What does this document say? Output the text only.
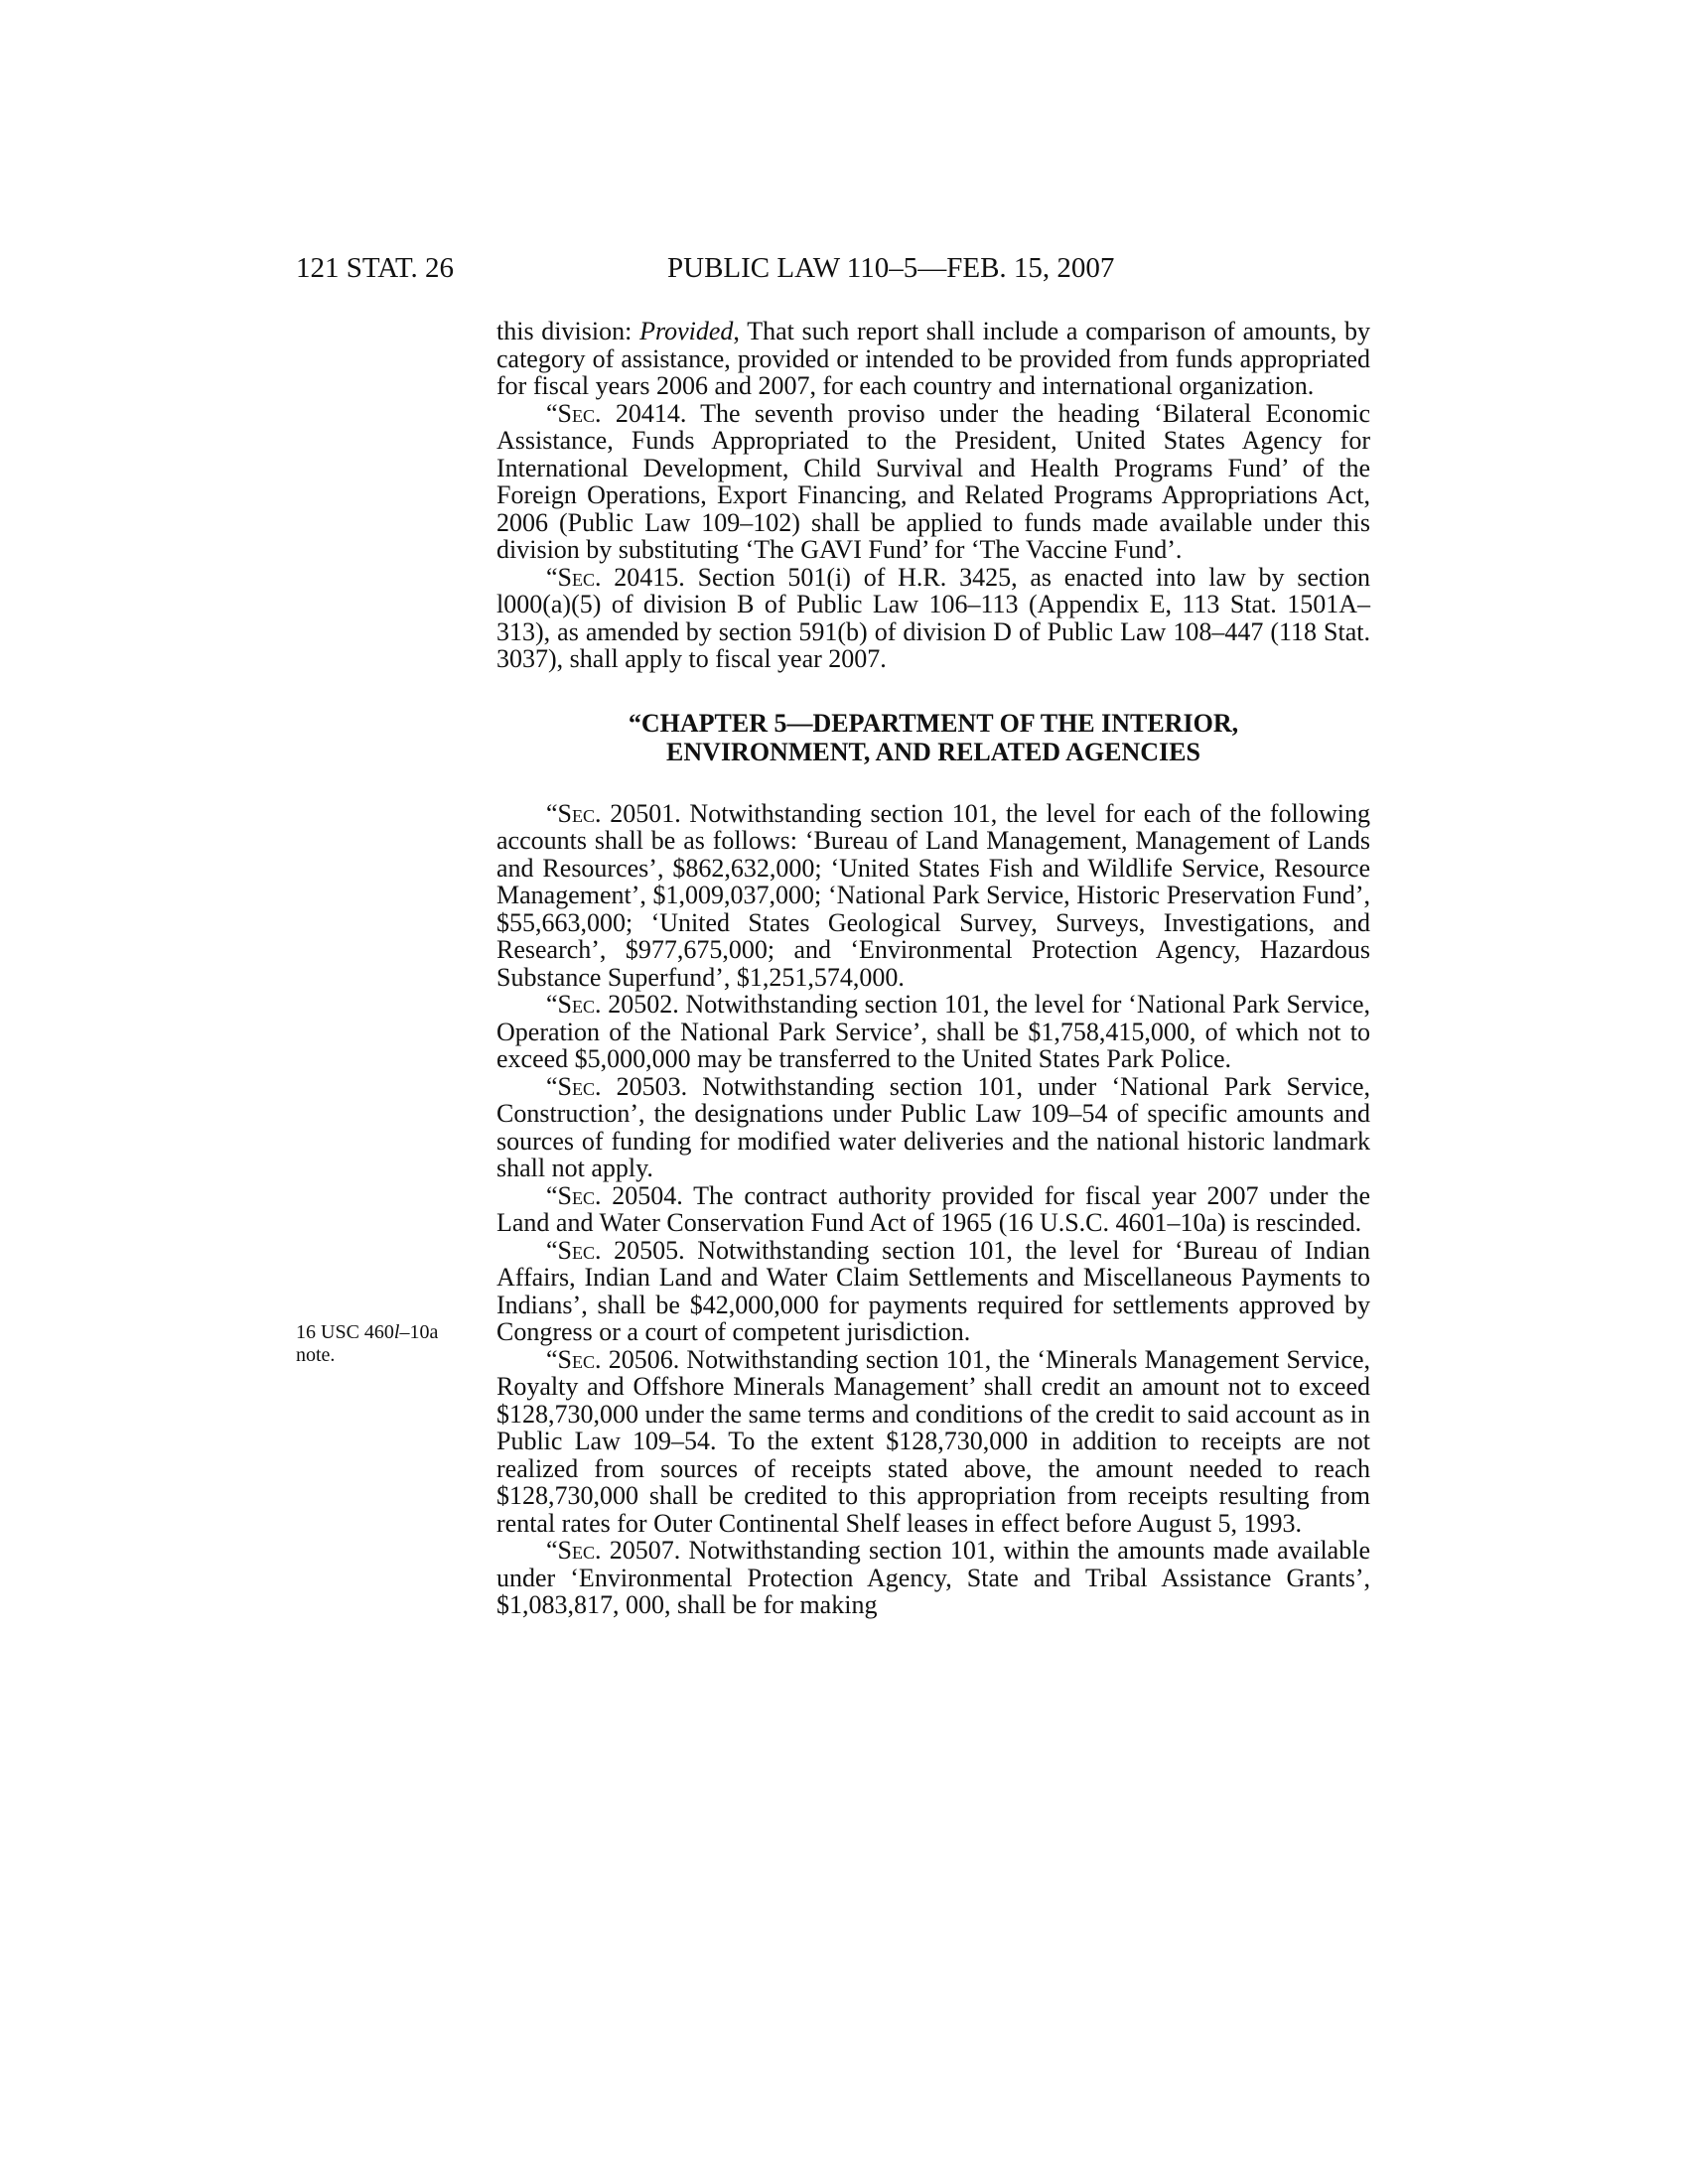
121 STAT. 26	PUBLIC LAW 110–5—FEB. 15, 2007
16 USC 460l–10a
note.

this division: Provided, That such report shall include a comparison of amounts, by category of assistance, provided or intended to be provided from funds appropriated for fiscal years 2006 and 2007, for each country and international organization.

“Sec. 20414. The seventh proviso under the heading ‘Bilateral Economic Assistance, Funds Appropriated to the President, United States Agency for International Development, Child Survival and Health Programs Fund’ of the Foreign Operations, Export Financing, and Related Programs Appropriations Act, 2006 (Public Law 109–102) shall be applied to funds made available under this division by substituting ‘The GAVI Fund’ for ‘The Vaccine Fund’.

“Sec. 20415. Section 501(i) of H.R. 3425, as enacted into law by section l000(a)(5) of division B of Public Law 106–113 (Appendix E, 113 Stat. 1501A–313), as amended by section 591(b) of division D of Public Law 108–447 (118 Stat. 3037), shall apply to fiscal year 2007.

“CHAPTER 5—DEPARTMENT OF THE INTERIOR,
ENVIRONMENT, AND RELATED AGENCIES

“Sec. 20501. Notwithstanding section 101, the level for each of the following accounts shall be as follows: ‘Bureau of Land Management, Management of Lands and Resources’, $862,632,000; ‘United States Fish and Wildlife Service, Resource Management’, $1,009,037,000; ‘National Park Service, Historic Preservation Fund’, $55,663,000; ‘United States Geological Survey, Surveys, Investigations, and Research’, $977,675,000; and ‘Environmental Protection Agency, Hazardous Substance Superfund’, $1,251,574,000.

“Sec. 20502. Notwithstanding section 101, the level for ‘National Park Service, Operation of the National Park Service’, shall be $1,758,415,000, of which not to exceed $5,000,000 may be transferred to the United States Park Police.

“Sec. 20503. Notwithstanding section 101, under ‘National Park Service, Construction’, the designations under Public Law 109–54 of specific amounts and sources of funding for modified water deliveries and the national historic landmark shall not apply.

“Sec. 20504. The contract authority provided for fiscal year 2007 under the Land and Water Conservation Fund Act of 1965 (16 U.S.C. 4601–10a) is rescinded.

“Sec. 20505. Notwithstanding section 101, the level for ‘Bureau of Indian Affairs, Indian Land and Water Claim Settlements and Miscellaneous Payments to Indians’, shall be $42,000,000 for payments required for settlements approved by Congress or a court of competent jurisdiction.

“Sec. 20506. Notwithstanding section 101, the ‘Minerals Management Service, Royalty and Offshore Minerals Management’ shall credit an amount not to exceed $128,730,000 under the same terms and conditions of the credit to said account as in Public Law 109–54. To the extent $128,730,000 in addition to receipts are not realized from sources of receipts stated above, the amount needed to reach $128,730,000 shall be credited to this appropriation from receipts resulting from rental rates for Outer Continental Shelf leases in effect before August 5, 1993.

“Sec. 20507. Notwithstanding section 101, within the amounts made available under ‘Environmental Protection Agency, State and Tribal Assistance Grants’, $1,083,817, 000, shall be for making
